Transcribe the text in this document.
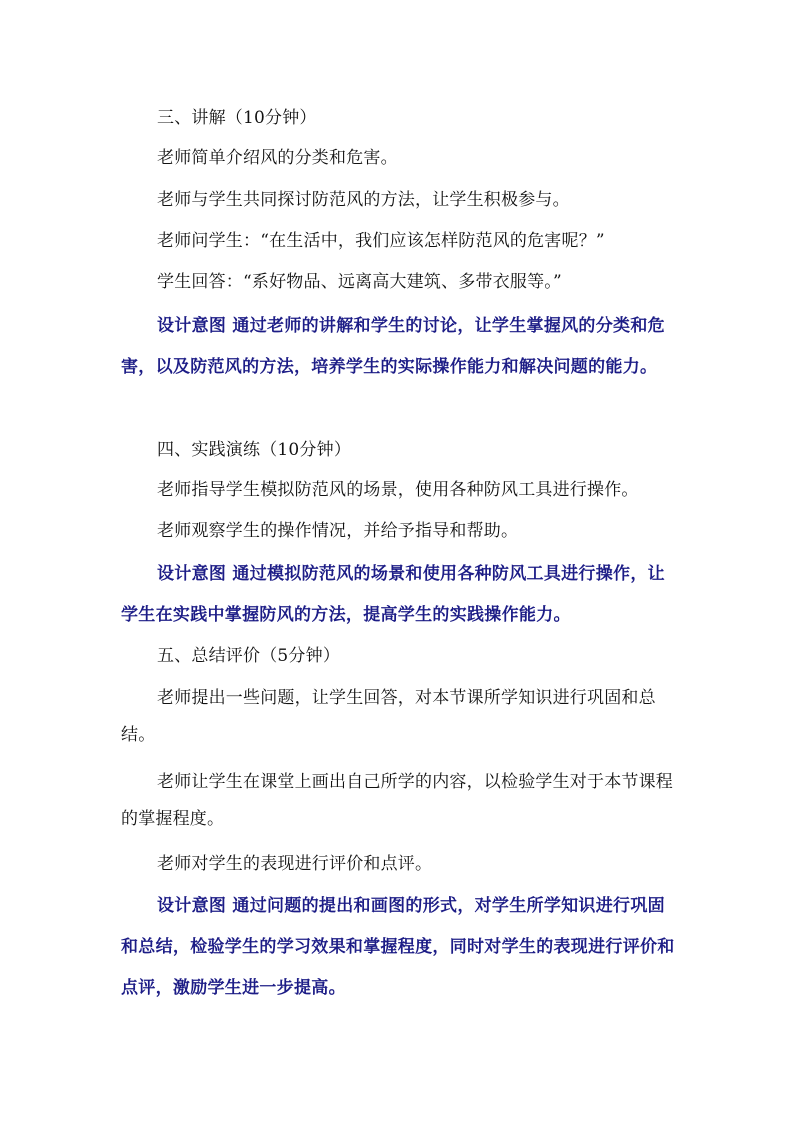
三、讲解（10分钟）

老师简单介绍风的分类和危害。

老师与学生共同探讨防范风的方法，让学生积极参与。

老师问学生：“在生活中，我们应该怎样防范风的危害呢？”

学生回答：“系好物品、远离高大建筑、多带衣服等。”

设计意图 通过老师的讲解和学生的讨论，让学生掌握风的分类和危害，以及防范风的方法，培养学生的实际操作能力和解决问题的能力。

四、实践演练（10分钟）

老师指导学生模拟防范风的场景，使用各种防风工具进行操作。

老师观察学生的操作情况，并给予指导和帮助。

设计意图 通过模拟防范风的场景和使用各种防风工具进行操作，让学生在实践中掌握防风的方法，提高学生的实践操作能力。

五、总结评价（5分钟）

老师提出一些问题，让学生回答，对本节课所学知识进行巩固和总结。

老师让学生在课堂上画出自己所学的内容，以检验学生对于本节课程的掌握程度。

老师对学生的表现进行评价和点评。

设计意图 通过问题的提出和画图的形式，对学生所学知识进行巩固和总结，检验学生的学习效果和掌握程度，同时对学生的表现进行评价和点评，激励学生进一步提高。
